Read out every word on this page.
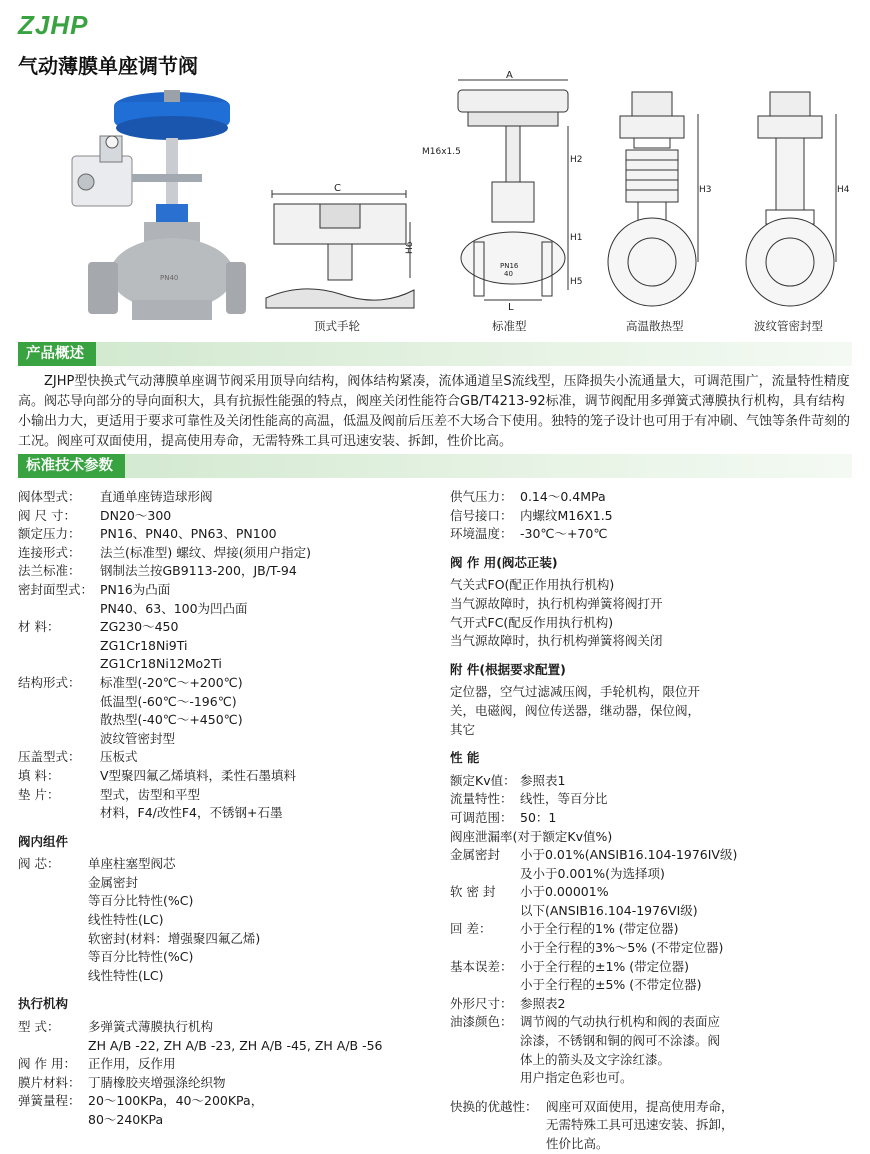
ZJHP
气动薄膜单座调节阀
PN40
C
H6
顶式手轮
A
M16x1.5
PN16
40
L
H2
H1
H5
标准型
H3
高温散热型
H4
波纹管密封型
产品概述
ZJHP型快换式气动薄膜单座调节阀采用顶导向结构，阀体结构紧凑，流体通道呈S流线型，压降损失小流通量大，可调范围广，流量特性精度高。阀芯导向部分的导向面积大，具有抗振性能强的特点，阀座关闭性能符合GB/T4213-92标准，调节阀配用多弹簧式薄膜执行机构，具有结构小输出力大，更适用于要求可靠性及关闭性能高的高温，低温及阀前后压差不大场合下使用。独特的笼子设计也可用于有冲刷、气蚀等条件苛刻的工况。阀座可双面使用，提高使用寿命，无需特殊工具可迅速安装、拆卸，性价比高。
标准技术参数
阀体型式：	直通单座铸造球形阀
阀 尺 寸：	DN20～300
额定压力：	PN16、PN40、PN63、PN100
连接形式：	法兰(标准型) 螺纹、焊接(须用户指定)
法兰标准：	钢制法兰按GB9113-200，JB/T-94
密封面型式： PN16为凸面
PN40、63、100为凹凸面
材 料：	ZG230～450
ZG1Cr18Ni9Ti
ZG1Cr18Ni12Mo2Ti
结构形式：	标准型(-20℃～+200℃)
低温型(-60℃～-196℃)
散热型(-40℃～+450℃)
波纹管密封型
压盖型式：	压板式
填 料：	V型聚四氟乙烯填料，柔性石墨填料
垫 片：	型式，齿型和平型
材料，F4/改性F4，不锈钢+石墨
阀内组件
阀 芯：	单座柱塞型阀芯
金属密封
等百分比特性(%C)
线性特性(LC)
软密封(材料：增强聚四氟乙烯)
等百分比特性(%C)
线性特性(LC)
执行机构
型 式：	多弹簧式薄膜执行机构
ZH A/B -22, ZH A/B -23, ZH A/B -45, ZH A/B -56
阀 作 用： 正作用，反作用
膜片材料： 丁腈橡胶夹增强涤纶织物
弹簧量程： 20～100KPa，40～200KPa，
80～240KPa
供气压力： 0.14～0.4MPa
信号接口： 内螺纹M16X1.5
环境温度： -30℃～+70℃
阀 作 用(阀芯正装)
气关式FO(配正作用执行机构)
当气源故障时，执行机构弹簧将阀打开
气开式FC(配反作用执行机构)
当气源故障时，执行机构弹簧将阀关闭
附 件(根据要求配置)
定位器，空气过滤减压阀，手轮机构，限位开
关，电磁阀，阀位传送器，继动器，保位阀，
其它
性 能
额定Kv值： 参照表1
流量特性： 线性，等百分比
可调范围： 50：1
阀座泄漏率(对于额定Kv值%)
金属密封	小于0.01%(ANSIB16.104-1976IV级)
及小于0.001%(为选择项)
软 密 封	小于0.00001%
以下(ANSIB16.104-1976VI级)
回 差：	小于全行程的1% (带定位器)
小于全行程的3%～5% (不带定位器)
基本误差： 小于全行程的±1% (带定位器)
小于全行程的±5% (不带定位器)
外形尺寸： 参照表2
油漆颜色： 调节阀的气动执行机构和阀的表面应
涂漆，不锈钢和铜的阀可不涂漆。阀
体上的箭头及文字涂红漆。
用户指定色彩也可。
快换的优越性： 阀座可双面使用，提高使用寿命，
无需特殊工具可迅速安装、拆卸，
性价比高。
